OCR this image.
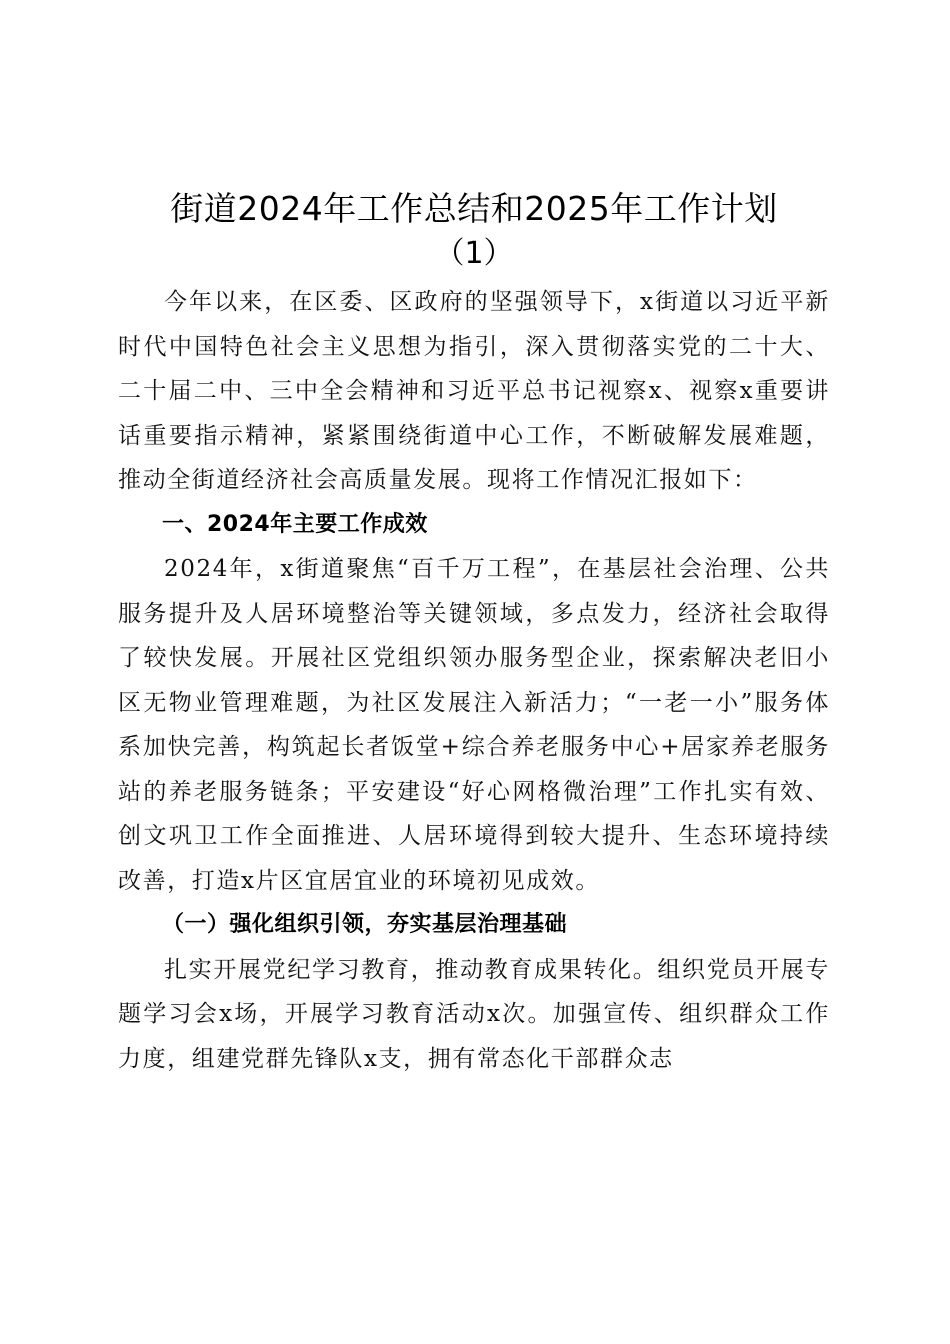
街道2024年工作总结和2025年工作计划
（1）

今年以来，在区委、区政府的坚强领导下，x街道以习近平新时代中国特色社会主义思想为指引，深入贯彻落实党的二十大、二十届二中、三中全会精神和习近平总书记视察x、视察x重要讲话重要指示精神，紧紧围绕街道中心工作，不断破解发展难题，推动全街道经济社会高质量发展。现将工作情况汇报如下：

一、2024年主要工作成效

2024年，x街道聚焦“百千万工程”，在基层社会治理、公共服务提升及人居环境整治等关键领域，多点发力，经济社会取得了较快发展。开展社区党组织领办服务型企业，探索解决老旧小区无物业管理难题，为社区发展注入新活力；“一老一小”服务体系加快完善，构筑起长者饭堂+综合养老服务中心+居家养老服务站的养老服务链条；平安建设“好心网格微治理”工作扎实有效、创文巩卫工作全面推进、人居环境得到较大提升、生态环境持续改善，打造x片区宜居宜业的环境初见成效。

（一）强化组织引领，夯实基层治理基础

扎实开展党纪学习教育，推动教育成果转化。组织党员开展专题学习会x场，开展学习教育活动x次。加强宣传、组织群众工作力度，组建党群先锋队x支，拥有常态化干部群众志
